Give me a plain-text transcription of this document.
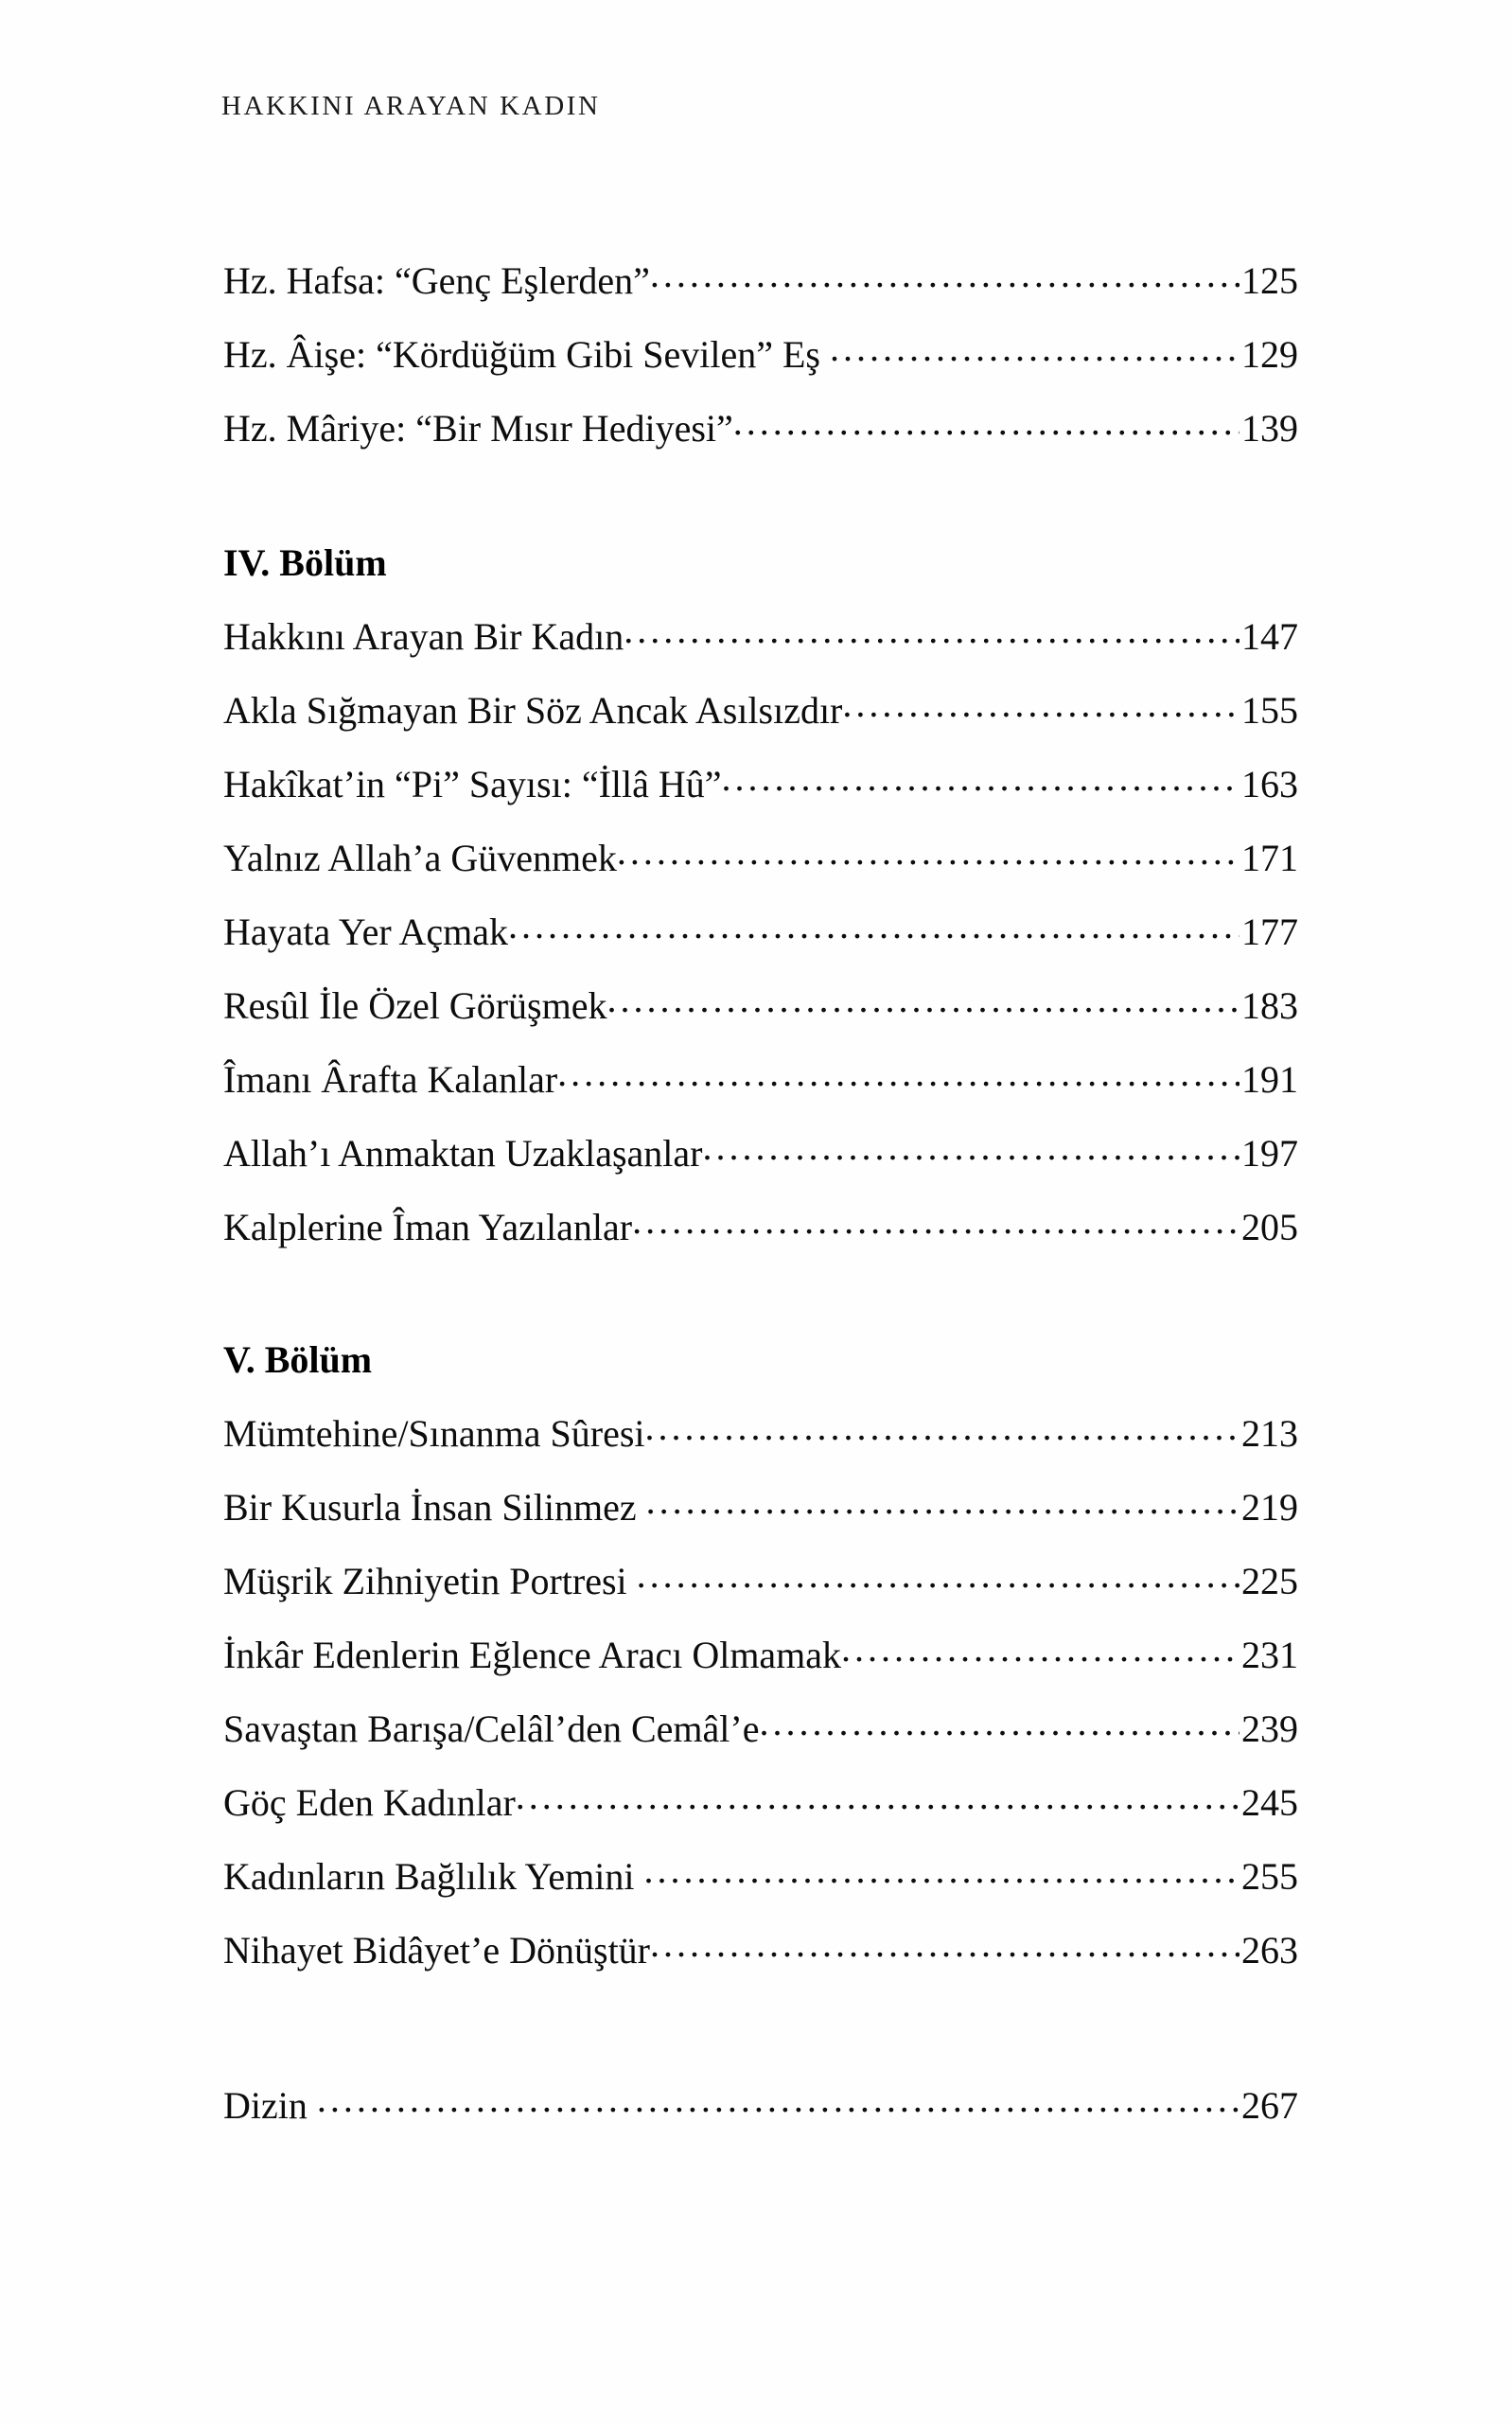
HAKKINI ARAYAN KADIN
Hz. Hafsa: “Genç Eşlerden” .....	125
Hz. Âişe: “Kördüğüm Gibi Sevilen” Eş .....	129
Hz. Mâriye: “Bir Mısır Hediyesi” .....	139
IV. Bölüm
Hakkını Arayan Bir Kadın .....	147
Akla Sığmayan Bir Söz Ancak Asılsızdır .....	155
Hakîkat’in “Pi” Sayısı: “İllâ Hû” .....	163
Yalnız Allah’a Güvenmek .....	171
Hayata Yer Açmak .....	177
Resûl İle Özel Görüşmek .....	183
Îmanı Ârafta Kalanlar .....	191
Allah’ı Anmaktan Uzaklaşanlar .....	197
Kalplerine Îman Yazılanlar .....	205
V. Bölüm
Mümtehine/Sınanma Sûresi .....	213
Bir Kusurla İnsan Silinmez .....	219
Müşrik Zihniyetin Portresi .....	225
İnkâr Edenlerin Eğlence Aracı Olmamak .....	231
Savaştan Barışa/Celâl’den Cemâl’e .....	239
Göç Eden Kadınlar .....	245
Kadınların Bağlılık Yemini .....	255
Nihayet Bidâyet’e Dönüştür .....	263
Dizin .....	267
